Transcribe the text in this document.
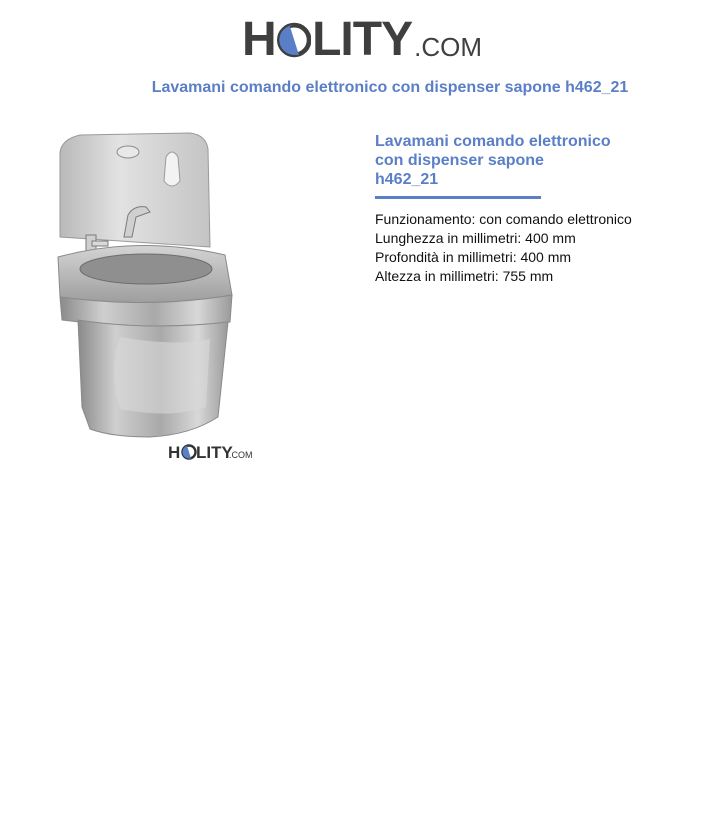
H LITY .COM
Lavamani comando elettronico con dispenser sapone h462_21
H LITY
.COM

Lavamani comando elettronico
con dispenser sapone
h462_21

Funzionamento: con comando elettronico

Lunghezza in millimetri: 400 mm

Profondità in millimetri: 400 mm

Altezza in millimetri: 755 mm
